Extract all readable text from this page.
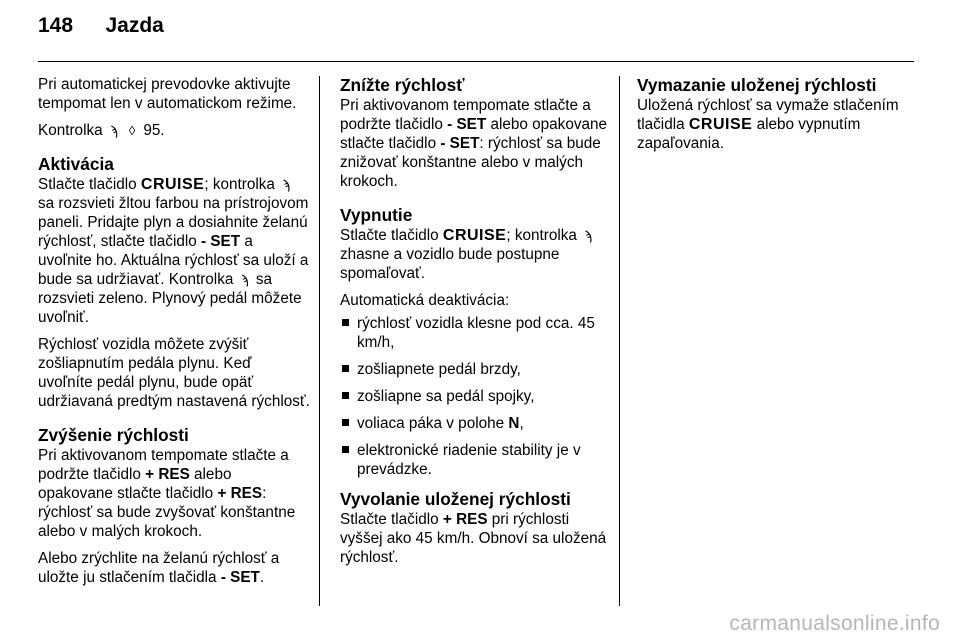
148 Jazda

Pri automatickej prevodovke aktivujte tempomat len v automatickom režime.

Kontrolka ϡ ◊ 95.

Aktivácia

Stlačte tlačidlo CRUISE; kontrolka ϡ sa rozsvieti žltou farbou na prístrojovom paneli. Pridajte plyn a dosiahnite želanú rýchlosť, stlačte tlačidlo - SET a uvoľnite ho. Aktuálna rýchlosť sa uloží a bude sa udržiavať. Kontrolka ϡ sa rozsvieti zeleno. Plynový pedál môžete uvoľniť.

Rýchlosť vozidla môžete zvýšiť zošliapnutím pedála plynu. Keď uvoľníte pedál plynu, bude opäť udržiavaná predtým nastavená rýchlosť.

Zvýšenie rýchlosti

Pri aktivovanom tempomate stlačte a podržte tlačidlo + RES alebo opakovane stlačte tlačidlo + RES: rýchlosť sa bude zvyšovať konštantne alebo v malých krokoch.

Alebo zrýchlite na želanú rýchlosť a uložte ju stlačením tlačidla - SET.

Znížte rýchlosť

Pri aktivovanom tempomate stlačte a podržte tlačidlo - SET alebo opakovane stlačte tlačidlo - SET: rýchlosť sa bude znižovať konštantne alebo v malých krokoch.

Vypnutie

Stlačte tlačidlo CRUISE; kontrolka ϡ zhasne a vozidlo bude postupne spomaľovať.

Automatická deaktivácia:

rýchlosť vozidla klesne pod cca. 45 km/h,
zošliapnete pedál brzdy,
zošliapne sa pedál spojky,
voliaca páka v polohe N,
elektronické riadenie stability je v prevádzke.
Vyvolanie uloženej rýchlosti

Stlačte tlačidlo + RES pri rýchlosti vyššej ako 45 km/h. Obnoví sa uložená rýchlosť.

Vymazanie uloženej rýchlosti

Uložená rýchlosť sa vymaže stlačením tlačidla CRUISE alebo vypnutím zapaľovania.

carmanualsonline.info
